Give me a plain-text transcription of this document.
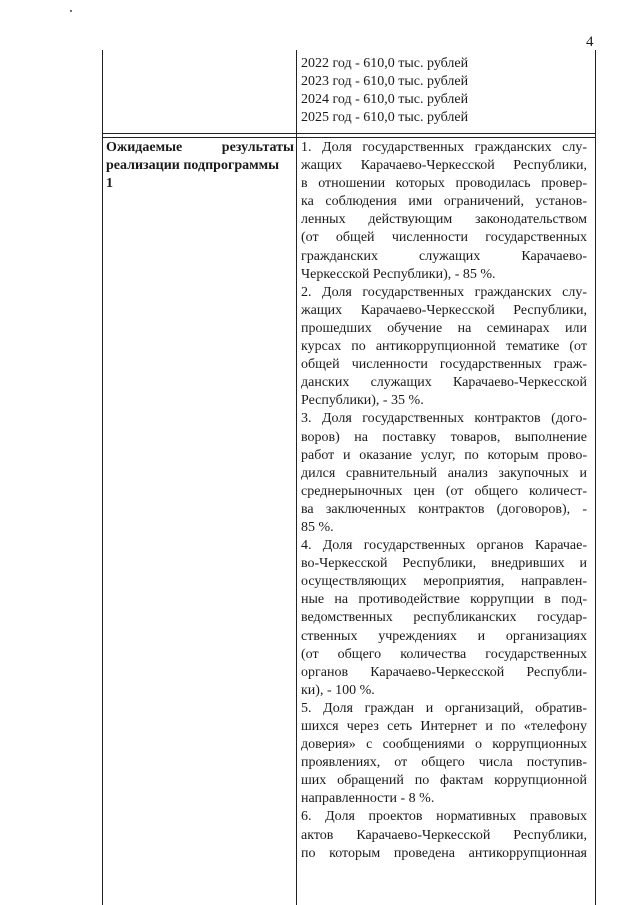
4
2022 год - 610,0 тыс. рублей
2023 год - 610,0 тыс. рублей
2024 год - 610,0 тыс. рублей
2025 год - 610,0 тыс. рублей
Ожидаемые результаты
реализации подпрограммы
1
1. Доля государственных гражданских слу-
жащих Карачаево-Черкесской Республики,
в отношении которых проводилась провер-
ка соблюдения ими ограничений, установ-
ленных действующим законодательством
(от общей численности государственных
гражданских служащих Карачаево-
Черкесской Республики), - 85 %.
2. Доля государственных гражданских слу-
жащих Карачаево-Черкесской Республики,
прошедших обучение на семинарах или
курсах по антикоррупционной тематике (от
общей численности государственных граж-
данских служащих Карачаево-Черкесской
Республики), - 35 %.
3. Доля государственных контрактов (дого-
воров) на поставку товаров, выполнение
работ и оказание услуг, по которым прово-
дился сравнительный анализ закупочных и
среднерыночных цен (от общего количест-
ва заключенных контрактов (договоров), -
85 %.
4. Доля государственных органов Карачае-
во-Черкесской Республики, внедривших и
осуществляющих мероприятия, направлен-
ные на противодействие коррупции в под-
ведомственных республиканских государ-
ственных учреждениях и организациях
(от общего количества государственных
органов Карачаево-Черкесской Республи-
ки), - 100 %.
5. Доля граждан и организаций, обратив-
шихся через сеть Интернет и по «телефону
доверия» с сообщениями о коррупционных
проявлениях, от общего числа поступив-
ших обращений по фактам коррупционной
направленности - 8 %.
6. Доля проектов нормативных правовых
актов Карачаево-Черкесской Республики,
по которым проведена антикоррупционная
